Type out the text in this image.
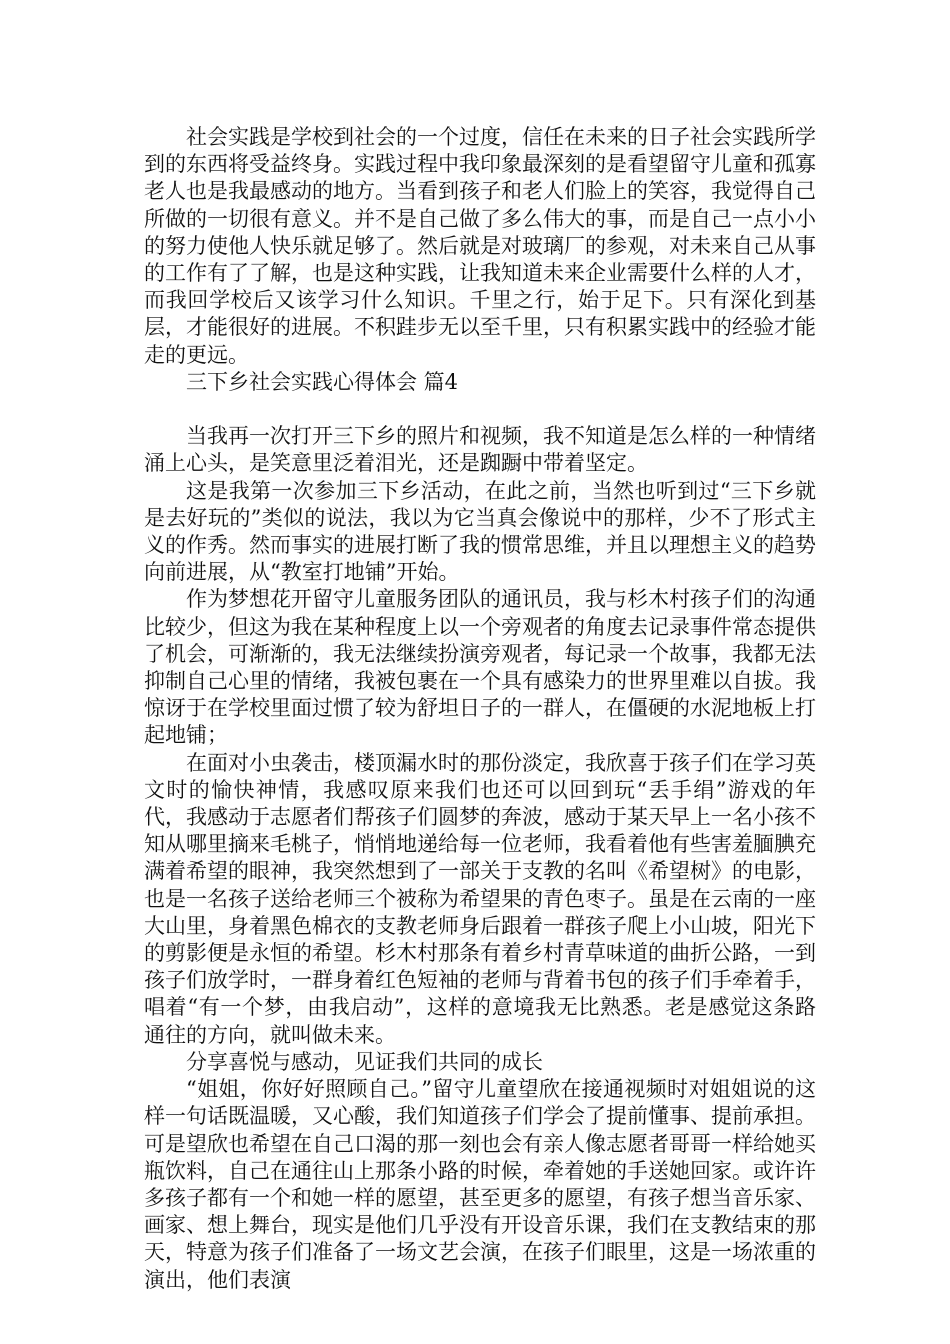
社会实践是学校到社会的一个过度，信任在未来的日子社会实践所学到的东西将受益终身。实践过程中我印象最深刻的是看望留守儿童和孤寡老人也是我最感动的地方。当看到孩子和老人们脸上的笑容，我觉得自己所做的一切很有意义。并不是自己做了多么伟大的事，而是自己一点小小的努力使他人快乐就足够了。然后就是对玻璃厂的参观，对未来自己从事的工作有了了解，也是这种实践，让我知道未来企业需要什么样的人才，而我回学校后又该学习什么知识。千里之行，始于足下。只有深化到基层，才能很好的进展。不积跬步无以至千里，只有积累实践中的经验才能走的更远。

三下乡社会实践心得体会 篇4

当我再一次打开三下乡的照片和视频，我不知道是怎么样的一种情绪涌上心头，是笑意里泛着泪光，还是踟蹰中带着坚定。

这是我第一次参加三下乡活动，在此之前，当然也听到过“三下乡就是去好玩的”类似的说法，我以为它当真会像说中的那样，少不了形式主义的作秀。然而事实的进展打断了我的惯常思维，并且以理想主义的趋势向前进展，从“教室打地铺”开始。

作为梦想花开留守儿童服务团队的通讯员，我与杉木村孩子们的沟通比较少，但这为我在某种程度上以一个旁观者的角度去记录事件常态提供了机会，可渐渐的，我无法继续扮演旁观者，每记录一个故事，我都无法抑制自己心里的情绪，我被包裹在一个具有感染力的世界里难以自拔。我惊讶于在学校里面过惯了较为舒坦日子的一群人，在僵硬的水泥地板上打起地铺；

在面对小虫袭击，楼顶漏水时的那份淡定，我欣喜于孩子们在学习英文时的愉快神情，我感叹原来我们也还可以回到玩“丢手绢”游戏的年代，我感动于志愿者们帮孩子们圆梦的奔波，感动于某天早上一名小孩不知从哪里摘来毛桃子，悄悄地递给每一位老师，我看着他有些害羞腼腆充满着希望的眼神，我突然想到了一部关于支教的名叫《希望树》的电影，也是一名孩子送给老师三个被称为希望果的青色枣子。虽是在云南的一座大山里，身着黑色棉衣的支教老师身后跟着一群孩子爬上小山坡，阳光下的剪影便是永恒的希望。杉木村那条有着乡村青草味道的曲折公路，一到孩子们放学时，一群身着红色短袖的老师与背着书包的孩子们手牵着手，唱着“有一个梦，由我启动”，这样的意境我无比熟悉。老是感觉这条路通往的方向，就叫做未来。

分享喜悦与感动，见证我们共同的成长

“姐姐，你好好照顾自己。”留守儿童望欣在接通视频时对姐姐说的这样一句话既温暖，又心酸，我们知道孩子们学会了提前懂事、提前承担。可是望欣也希望在自己口渴的那一刻也会有亲人像志愿者哥哥一样给她买瓶饮料，自己在通往山上那条小路的时候，牵着她的手送她回家。或许许多孩子都有一个和她一样的愿望，甚至更多的愿望，有孩子想当音乐家、画家、想上舞台，现实是他们几乎没有开设音乐课，我们在支教结束的那天，特意为孩子们准备了一场文艺会演，在孩子们眼里，这是一场浓重的演出，他们表演
